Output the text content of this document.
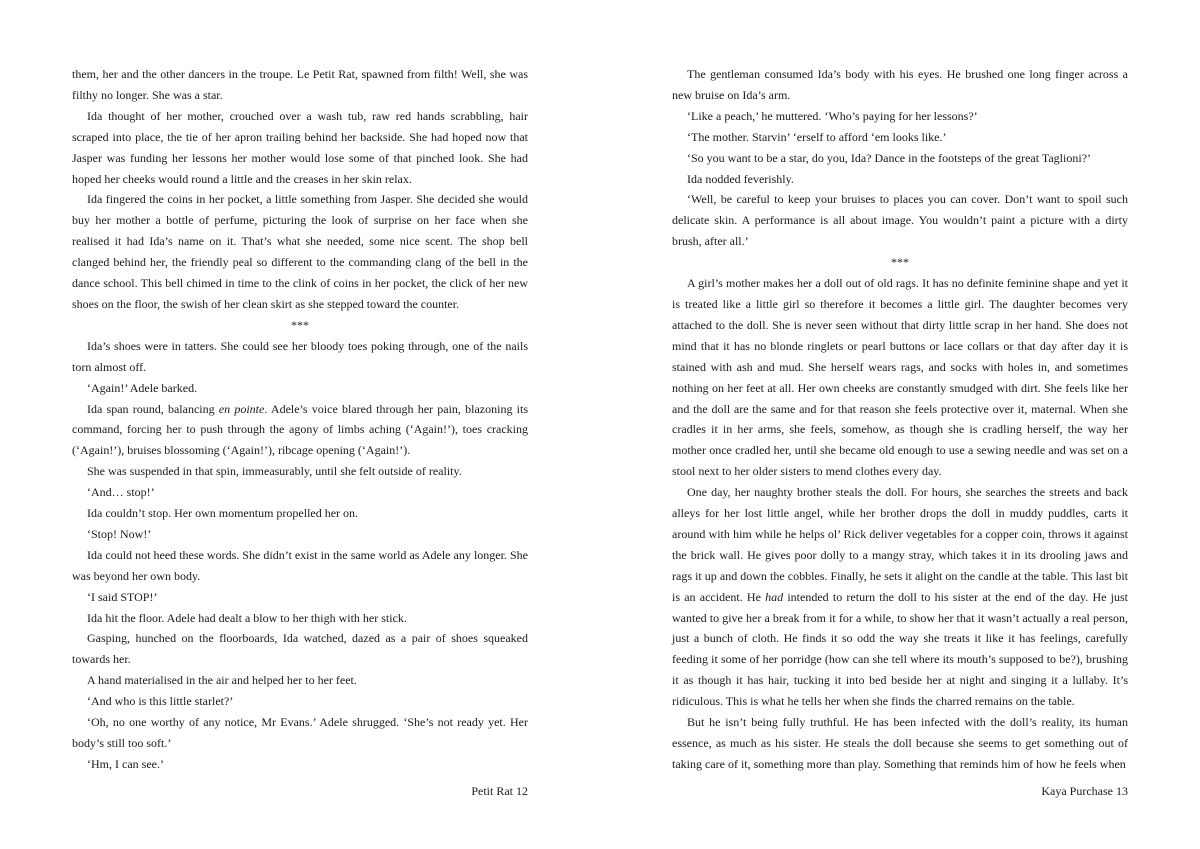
them, her and the other dancers in the troupe. Le Petit Rat, spawned from filth! Well, she was filthy no longer. She was a star.

Ida thought of her mother, crouched over a wash tub, raw red hands scrabbling, hair scraped into place, the tie of her apron trailing behind her backside. She had hoped now that Jasper was funding her lessons her mother would lose some of that pinched look. She had hoped her cheeks would round a little and the creases in her skin relax.

Ida fingered the coins in her pocket, a little something from Jasper. She decided she would buy her mother a bottle of perfume, picturing the look of surprise on her face when she realised it had Ida’s name on it. That’s what she needed, some nice scent. The shop bell clanged behind her, the friendly peal so different to the commanding clang of the bell in the dance school. This bell chimed in time to the clink of coins in her pocket, the click of her new shoes on the floor, the swish of her clean skirt as she stepped toward the counter.

***

Ida’s shoes were in tatters. She could see her bloody toes poking through, one of the nails torn almost off.

‘Again!’ Adele barked.

Ida span round, balancing en pointe. Adele’s voice blared through her pain, blazoning its command, forcing her to push through the agony of limbs aching (‘Again!’), toes cracking (‘Again!’), bruises blossoming (‘Again!’), ribcage opening (‘Again!’).

She was suspended in that spin, immeasurably, until she felt outside of reality.

‘And… stop!’

Ida couldn’t stop. Her own momentum propelled her on.

‘Stop! Now!’

Ida could not heed these words. She didn’t exist in the same world as Adele any longer. She was beyond her own body.

‘I said STOP!’

Ida hit the floor. Adele had dealt a blow to her thigh with her stick.

Gasping, hunched on the floorboards, Ida watched, dazed as a pair of shoes squeaked towards her.

A hand materialised in the air and helped her to her feet.

‘And who is this little starlet?’

‘Oh, no one worthy of any notice, Mr Evans.’ Adele shrugged. ‘She’s not ready yet. Her body’s still too soft.’

‘Hm, I can see.’

Petit Rat 12

The gentleman consumed Ida’s body with his eyes. He brushed one long finger across a new bruise on Ida’s arm.

‘Like a peach,’ he muttered. ‘Who’s paying for her lessons?’

‘The mother. Starvin’ ‘erself to afford ‘em looks like.’

‘So you want to be a star, do you, Ida? Dance in the footsteps of the great Taglioni?’

Ida nodded feverishly.

‘Well, be careful to keep your bruises to places you can cover. Don’t want to spoil such delicate skin. A performance is all about image. You wouldn’t paint a picture with a dirty brush, after all.’

***

A girl’s mother makes her a doll out of old rags. It has no definite feminine shape and yet it is treated like a little girl so therefore it becomes a little girl. The daughter becomes very attached to the doll. She is never seen without that dirty little scrap in her hand. She does not mind that it has no blonde ringlets or pearl buttons or lace collars or that day after day it is stained with ash and mud. She herself wears rags, and socks with holes in, and sometimes nothing on her feet at all. Her own cheeks are constantly smudged with dirt. She feels like her and the doll are the same and for that reason she feels protective over it, maternal. When she cradles it in her arms, she feels, somehow, as though she is cradling herself, the way her mother once cradled her, until she became old enough to use a sewing needle and was set on a stool next to her older sisters to mend clothes every day.

One day, her naughty brother steals the doll. For hours, she searches the streets and back alleys for her lost little angel, while her brother drops the doll in muddy puddles, carts it around with him while he helps ol’ Rick deliver vegetables for a copper coin, throws it against the brick wall. He gives poor dolly to a mangy stray, which takes it in its drooling jaws and rags it up and down the cobbles. Finally, he sets it alight on the candle at the table. This last bit is an accident. He had intended to return the doll to his sister at the end of the day. He just wanted to give her a break from it for a while, to show her that it wasn’t actually a real person, just a bunch of cloth. He finds it so odd the way she treats it like it has feelings, carefully feeding it some of her porridge (how can she tell where its mouth’s supposed to be?), brushing it as though it has hair, tucking it into bed beside her at night and singing it a lullaby. It’s ridiculous. This is what he tells her when she finds the charred remains on the table.

But he isn’t being fully truthful. He has been infected with the doll’s reality, its human essence, as much as his sister. He steals the doll because she seems to get something out of taking care of it, something more than play. Something that reminds him of how he feels when

Kaya Purchase 13
